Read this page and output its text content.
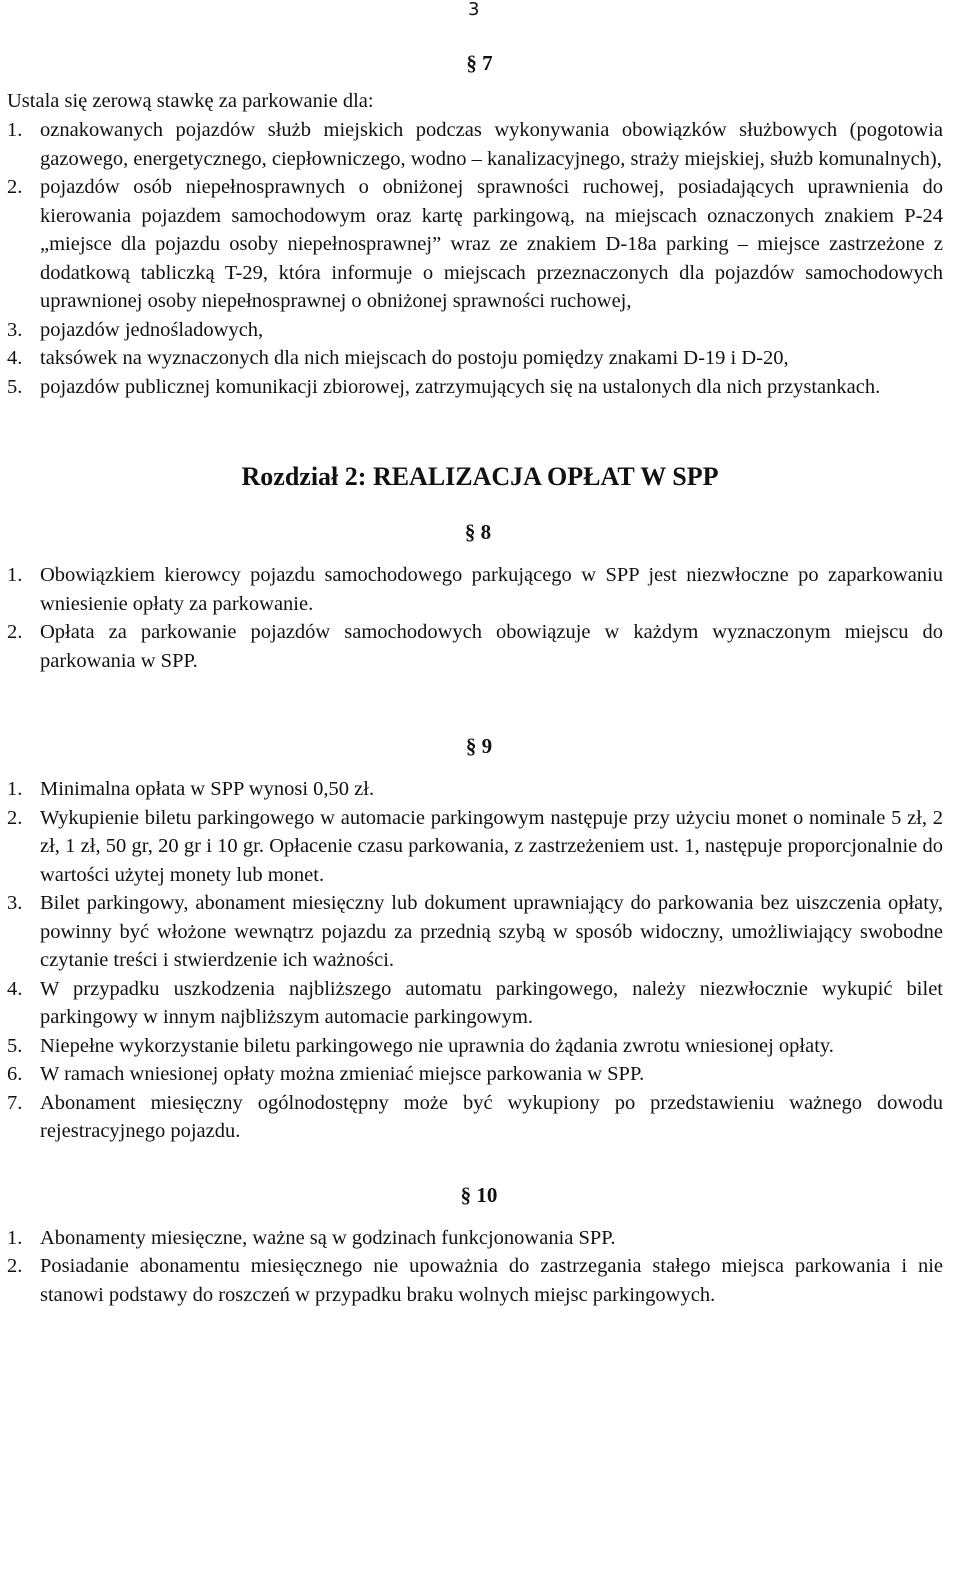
3
§ 7

Ustala się zerową stawkę za parkowanie dla:

1. oznakowanych pojazdów służb miejskich podczas wykonywania obowiązków służbowych (pogotowia gazowego, energetycznego, ciepłowniczego, wodno – kanalizacyjnego, straży miejskiej, służb komunalnych),
2. pojazdów osób niepełnosprawnych o obniżonej sprawności ruchowej, posiadających uprawnienia do kierowania pojazdem samochodowym oraz kartę parkingową, na miejscach oznaczonych znakiem P-24 „miejsce dla pojazdu osoby niepełnosprawnej” wraz ze znakiem D-18a parking – miejsce zastrzeżone z dodatkową tabliczką T-29, która informuje o miejscach przeznaczonych dla pojazdów samochodowych uprawnionej osoby niepełnosprawnej o obniżonej sprawności ruchowej,
3. pojazdów jednośladowych,
4. taksówek na wyznaczonych dla nich miejscach do postoju pomiędzy znakami D-19 i D-20,
5. pojazdów publicznej komunikacji zbiorowej, zatrzymujących się na ustalonych dla nich przystankach.
Rozdział 2: REALIZACJA OPŁAT W SPP
§ 8
1. Obowiązkiem kierowcy pojazdu samochodowego parkującego w SPP jest niezwłoczne po zaparkowaniu wniesienie opłaty za parkowanie.
2. Opłata za parkowanie pojazdów samochodowych obowiązuje w każdym wyznaczonym miejscu do parkowania w SPP.
§ 9
1. Minimalna opłata w SPP wynosi 0,50 zł.
2. Wykupienie biletu parkingowego w automacie parkingowym następuje przy użyciu monet o nominale 5 zł, 2 zł, 1 zł, 50 gr, 20 gr i 10 gr. Opłacenie czasu parkowania, z zastrzeżeniem ust. 1, następuje proporcjonalnie do wartości użytej monety lub monet.
3. Bilet parkingowy, abonament miesięczny lub dokument uprawniający do parkowania bez uiszczenia opłaty, powinny być włożone wewnątrz pojazdu za przednią szybą w sposób widoczny, umożliwiający swobodne czytanie treści i stwierdzenie ich ważności.
4. W przypadku uszkodzenia najbliższego automatu parkingowego, należy niezwłocznie wykupić bilet parkingowy w innym najbliższym automacie parkingowym.
5. Niepełne wykorzystanie biletu parkingowego nie uprawnia do żądania zwrotu wniesionej opłaty.
6. W ramach wniesionej opłaty można zmieniać miejsce parkowania w SPP.
7. Abonament miesięczny ogólnodostępny może być wykupiony po przedstawieniu ważnego dowodu rejestracyjnego pojazdu.
§ 10
1. Abonamenty miesięczne, ważne są w godzinach funkcjonowania SPP.
2. Posiadanie abonamentu miesięcznego nie upoważnia do zastrzegania stałego miejsca parkowania i nie stanowi podstawy do roszczeń w przypadku braku wolnych miejsc parkingowych.
